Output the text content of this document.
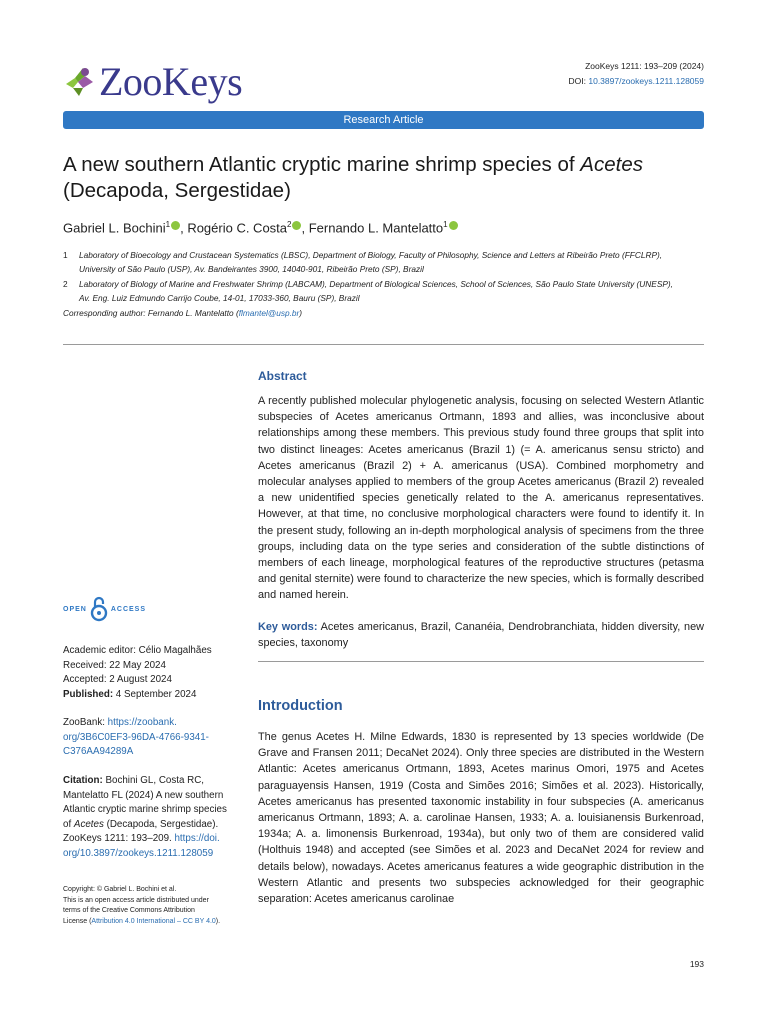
ZooKeys	ZooKeys 1211: 193–209 (2024)
DOI: 10.3897/zookeys.1211.128059
Research Article
A new southern Atlantic cryptic marine shrimp species of Acetes
(Decapoda, Sergestidae)
Gabriel L. Bochini$^1$ , Rogério C. Costa$^2$ , Fernando L. Mantelatto$^1$
1 Laboratory of Bioecology and Crustacean Systematics (LBSC), Department of Biology, Faculty of Philosophy, Science and Letters at Ribeirão Preto (FFCLRP),
University of São Paulo (USP), Av. Bandeirantes 3900, 14040-901, Ribeirão Preto (SP), Brazil
2 Laboratory of Biology of Marine and Freshwater Shrimp (LABCAM), Department of Biological Sciences, School of Sciences, São Paulo State University (UNESP),
Av. Eng. Luiz Edmundo Carrijo Coube, 14-01, 17033-360, Bauru (SP), Brazil
Corresponding author: Fernando L. Mantelatto (flmantel@usp.br)
OPEN	ACCESS
Academic editor: Célio Magalhães
Received: 22 May 2024
Accepted: 2 August 2024
Published: 4 September 2024
ZooBank: https://zoobank.
org/3B6C0EF3-96DA-4766-9341-
C376AA94289A
Citation: Bochini GL, Costa RC,
Mantelatto FL (2024) A new southern
Atlantic cryptic marine shrimp species
of Acetes (Decapoda, Sergestidae).
ZooKeys 1211: 193–209. https://doi.
org/10.3897/zookeys.1211.128059
Copyright: © Gabriel L. Bochini et al.
This is an open access article distributed under
terms of the Creative Commons Attribution
License (Attribution 4.0 International – CC BY 4.0).
Abstract
A recently published molecular phylogenetic analysis, focusing on selected Western Atlantic subspecies of Acetes americanus Ortmann, 1893 and allies, was inconclusive about relationships among these members. This previous study found three groups that split into two distinct lineages: Acetes americanus (Brazil 1) (= A. americanus sensu stricto) and Acetes americanus (Brazil 2) + A. americanus (USA). Combined morphometry and molecular analyses applied to members of the group Acetes americanus (Brazil 2) revealed a new unidentified species genetically related to the A. americanus representatives. However, at that time, no conclusive morphological characters were found to identify it. In the present study, following an in-depth morphological analysis of specimens from the three groups, including data on the type series and consideration of the subtle distinctions of members of each lineage, morphological features of the reproductive structures (petasma and genital sternite) were found to characterize the new species, which is formally described and named herein.
Key words: Acetes americanus, Brazil, Cananéia, Dendrobranchiata, hidden diversity, new species, taxonomy
Introduction
The genus Acetes H. Milne Edwards, 1830 is represented by 13 species worldwide (De Grave and Fransen 2011; DecaNet 2024). Only three species are distributed in the Western Atlantic: Acetes americanus Ortmann, 1893, Acetes marinus Omori, 1975 and Acetes paraguayensis Hansen, 1919 (Costa and Simões 2016; Simões et al. 2023). Historically, Acetes americanus has presented taxonomic instability in four subspecies (A. americanus americanus Ortmann, 1893; A. a. carolinae Hansen, 1933; A. a. louisianensis Burkenroad, 1934a; A. a. limonensis Burkenroad, 1934a), but only two of them are considered valid (Holthuis 1948) and accepted (see Simões et al. 2023 and DecaNet 2024 for review and details below), nowadays. Acetes americanus features a wide geographic distribution in the Western Atlantic and presents two subspecies acknowledged for their geographic separation: Acetes americanus carolinae
193
